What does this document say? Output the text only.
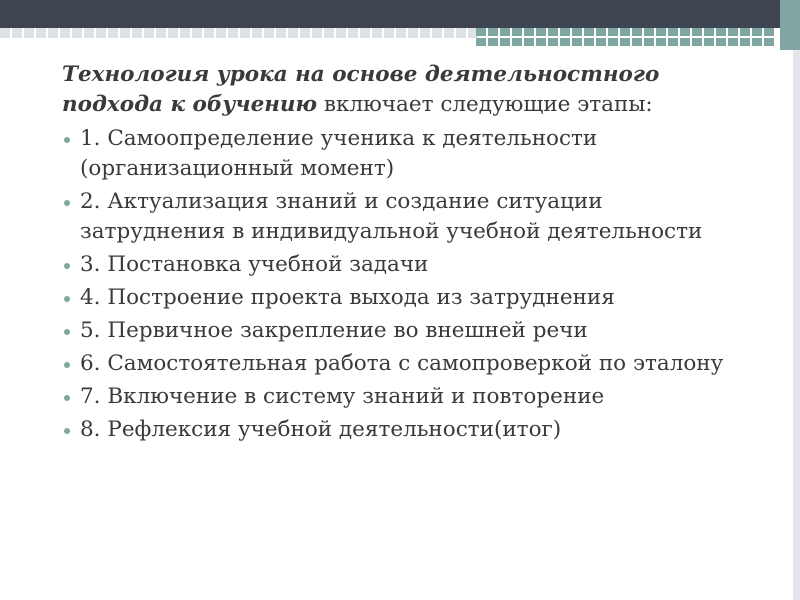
Технология урока на основе деятельностного подхода к обучению включает следующие этапы:

1. Самоопределение ученика к деятельности (организационный момент)
2. Актуализация знаний и создание ситуации затруднения в индивидуальной учебной деятельности
3. Постановка учебной задачи
4. Построение проекта выхода из затруднения
5. Первичное закрепление во внешней речи
6. Самостоятельная работа с самопроверкой по эталону
7. Включение в систему знаний и повторение
8. Рефлексия учебной деятельности(итог)
